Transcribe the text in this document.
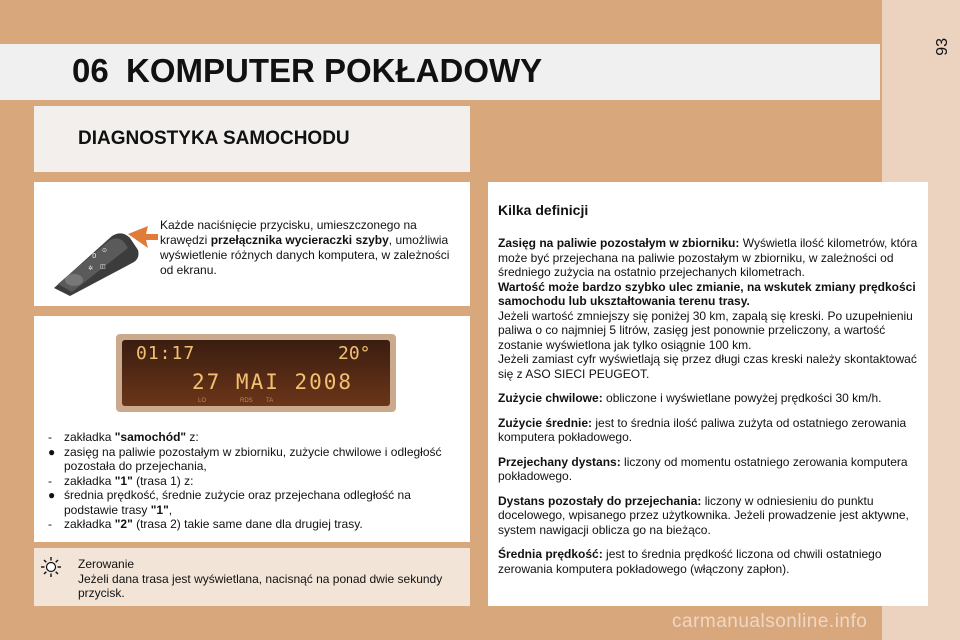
93
06 KOMPUTER POKŁADOWY
DIAGNOSTYKA SAMOCHODU
0
⊙
✲ ◫
Każde naciśnięcie przycisku, umieszczonego na krawędzi przełącznika wycieraczki szyby, umożliwia wyświetlenie różnych danych komputera, w zależności od ekranu.
01:17	20°
27 MAI 2008
LO	RDS TA
-	zakładka "samochód" z:
● zasięg na paliwie pozostałym w zbiorniku, zużycie chwilowe i odległość pozostała do przejechania,
-	zakładka "1" (trasa 1) z:
● średnia prędkość, średnie zużycie oraz przejechana odległość na podstawie trasy "1",
-	zakładka "2" (trasa 2) takie same dane dla drugiej trasy.
Zerowanie
Jeżeli dana trasa jest wyświetlana, nacisnąć na ponad dwie sekundy przycisk.
Kilka definicji

Zasięg na paliwie pozostałym w zbiorniku: Wyświetla ilość kilometrów, która może być przejechana na paliwie pozostałym w zbiorniku, w zależności od średniego zużycia na ostatnio przejechanych kilometrach.
Wartość może bardzo szybko ulec zmianie, na wskutek zmiany prędkości samochodu lub ukształtowania terenu trasy.
Jeżeli wartość zmniejszy się poniżej 30 km, zapalą się kreski. Po uzupełnieniu paliwa o co najmniej 5 litrów, zasięg jest ponownie przeliczony, a wartość zostanie wyświetlona jak tylko osiągnie 100 km.
Jeżeli zamiast cyfr wyświetlają się przez długi czas kreski należy skontaktować się z ASO SIECI PEUGEOT.

Zużycie chwilowe: obliczone i wyświetlane powyżej prędkości 30 km/h.

Zużycie średnie: jest to średnia ilość paliwa zużyta od ostatniego zerowania komputera pokładowego.

Przejechany dystans: liczony od momentu ostatniego zerowania komputera pokładowego.

Dystans pozostały do przejechania: liczony w odniesieniu do punktu docelowego, wpisanego przez użytkownika. Jeżeli prowadzenie jest aktywne, system nawigacji oblicza go na bieżąco.

Średnia prędkość: jest to średnia prędkość liczona od chwili ostatniego zerowania komputera pokładowego (włączony zapłon).

carmanualsonline.info
